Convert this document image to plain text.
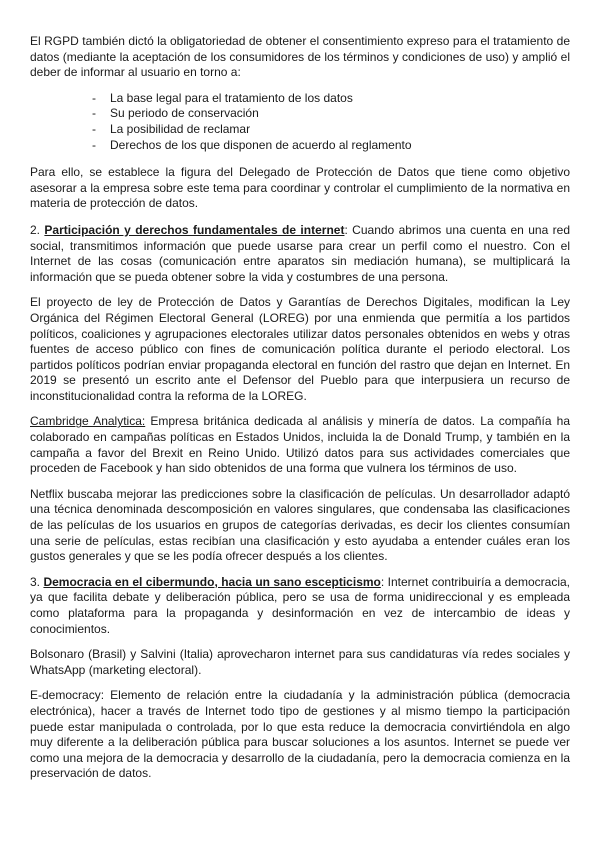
El RGPD también dictó la obligatoriedad de obtener el consentimiento expreso para el tratamiento de datos (mediante la aceptación de los consumidores de los términos y condiciones de uso) y amplió el deber de informar al usuario en torno a:

- La base legal para el tratamiento de los datos
- Su periodo de conservación
- La posibilidad de reclamar
- Derechos de los que disponen de acuerdo al reglamento

Para ello, se establece la figura del Delegado de Protección de Datos que tiene como objetivo asesorar a la empresa sobre este tema para coordinar y controlar el cumplimiento de la normativa en materia de protección de datos.

2. Participación y derechos fundamentales de internet: Cuando abrimos una cuenta en una red social, transmitimos información que puede usarse para crear un perfil como el nuestro. Con el Internet de las cosas (comunicación entre aparatos sin mediación humana), se multiplicará la información que se pueda obtener sobre la vida y costumbres de una persona.

El proyecto de ley de Protección de Datos y Garantías de Derechos Digitales, modifican la Ley Orgánica del Régimen Electoral General (LOREG) por una enmienda que permitía a los partidos políticos, coaliciones y agrupaciones electorales utilizar datos personales obtenidos en webs y otras fuentes de acceso público con fines de comunicación política durante el periodo electoral. Los partidos políticos podrían enviar propaganda electoral en función del rastro que dejan en Internet. En 2019 se presentó un escrito ante el Defensor del Pueblo para que interpusiera un recurso de inconstitucionalidad contra la reforma de la LOREG.

Cambridge Analytica: Empresa británica dedicada al análisis y minería de datos. La compañía ha colaborado en campañas políticas en Estados Unidos, incluida la de Donald Trump, y también en la campaña a favor del Brexit en Reino Unido. Utilizó datos para sus actividades comerciales que proceden de Facebook y han sido obtenidos de una forma que vulnera los términos de uso.

Netflix buscaba mejorar las predicciones sobre la clasificación de películas. Un desarrollador adaptó una técnica denominada descomposición en valores singulares, que condensaba las clasificaciones de las películas de los usuarios en grupos de categorías derivadas, es decir los clientes consumían una serie de películas, estas recibían una clasificación y esto ayudaba a entender cuáles eran los gustos generales y que se les podía ofrecer después a los clientes.

3. Democracia en el cibermundo, hacia un sano escepticismo: Internet contribuiría a democracia, ya que facilita debate y deliberación pública, pero se usa de forma unidireccional y es empleada como plataforma para la propaganda y desinformación en vez de intercambio de ideas y conocimientos.

Bolsonaro (Brasil) y Salvini (Italia) aprovecharon internet para sus candidaturas vía redes sociales y WhatsApp (marketing electoral).

E-democracy: Elemento de relación entre la ciudadanía y la administración pública (democracia electrónica), hacer a través de Internet todo tipo de gestiones y al mismo tiempo la participación puede estar manipulada o controlada, por lo que esta reduce la democracia convirtiéndola en algo muy diferente a la deliberación pública para buscar soluciones a los asuntos. Internet se puede ver como una mejora de la democracia y desarrollo de la ciudadanía, pero la democracia comienza en la preservación de datos.
